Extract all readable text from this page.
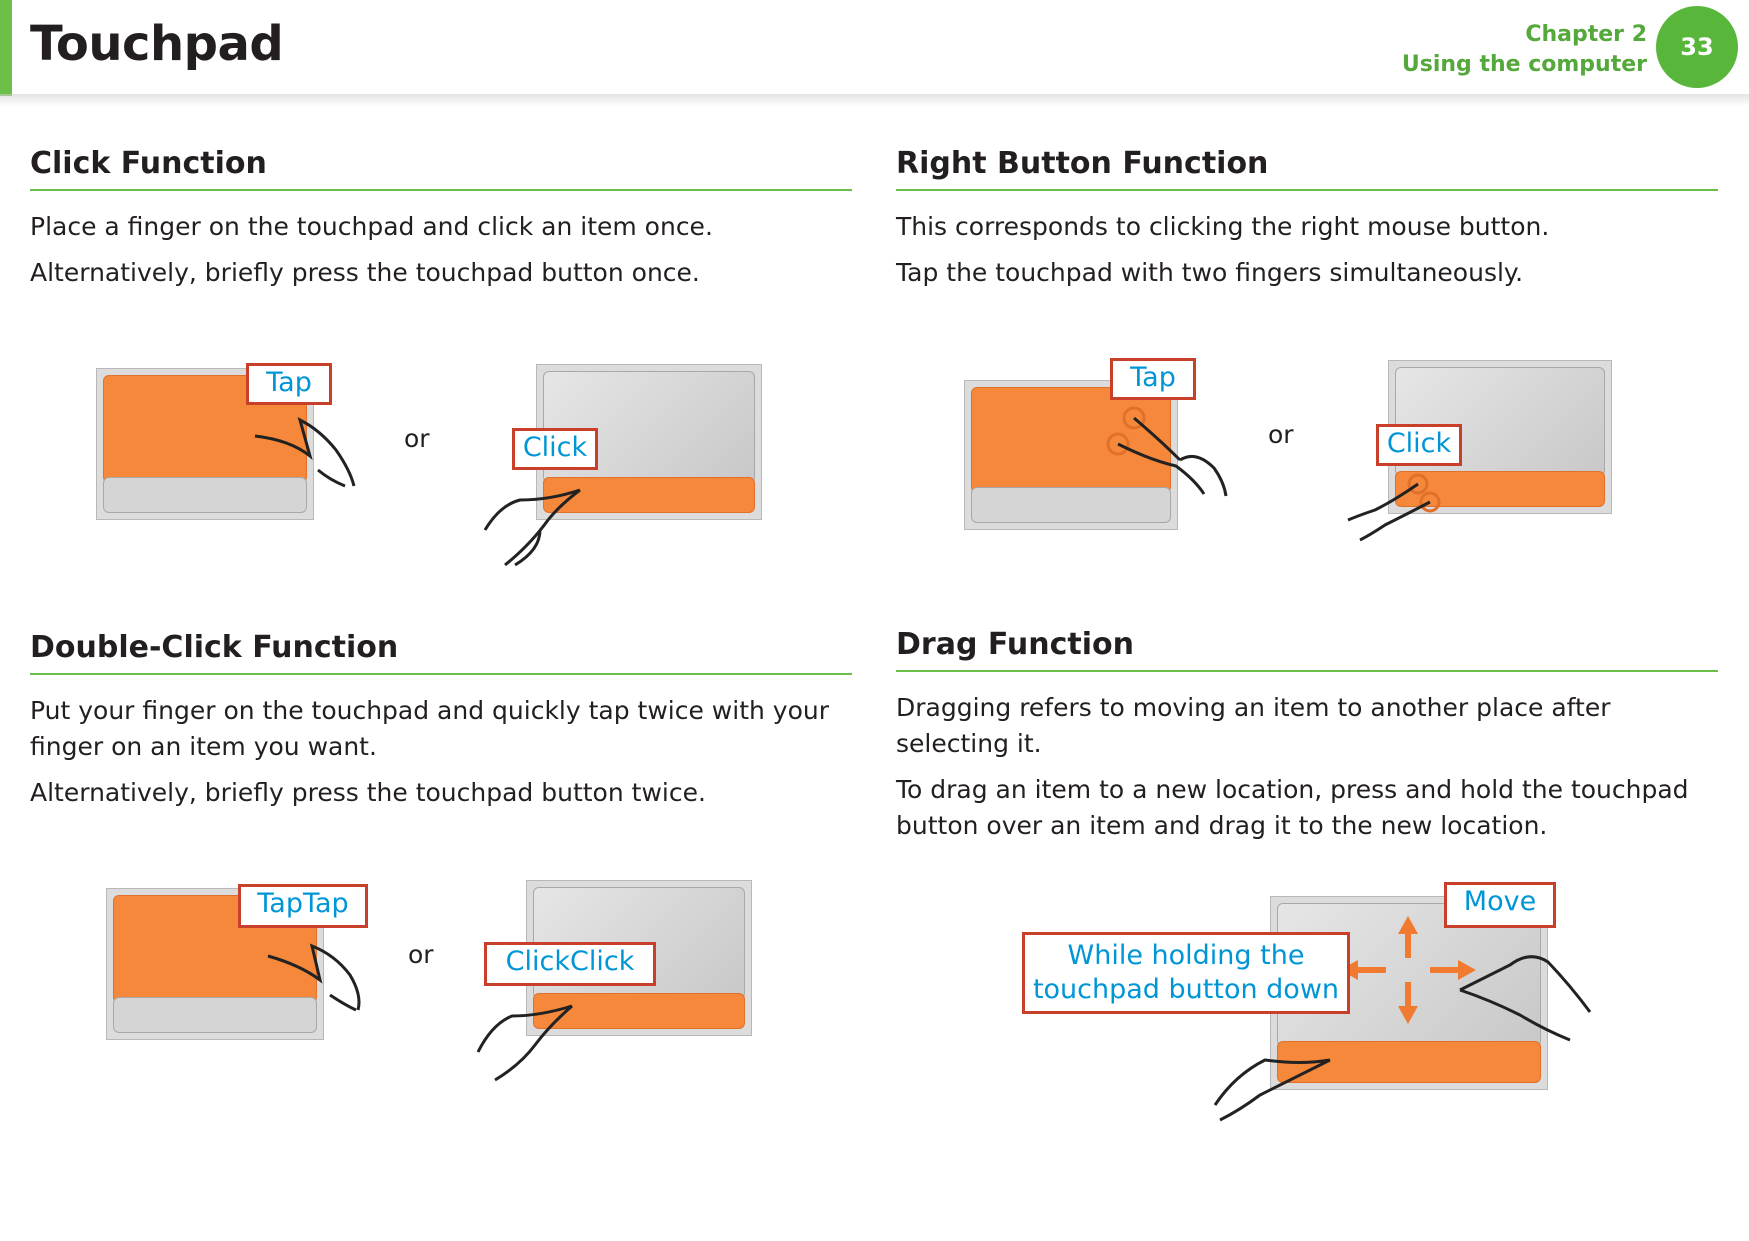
Touchpad	Chapter 2
Using the computer
33
Click Function

Place a finger on the touchpad and click an item once.

Alternatively, briefly press the touchpad button once.

Tap
or	Click
Right Button Function

This corresponds to clicking the right mouse button.

Tap the touchpad with two fingers simultaneously.

Tap
or	Click
Double-Click Function

Put your finger on the touchpad and quickly tap twice with your finger on an item you want.

Alternatively, briefly press the touchpad button twice.

TapTap
or	ClickClick
Drag Function

Dragging refers to moving an item to another place after selecting it.

To drag an item to a new location, press and hold the touchpad button over an item and drag it to the new location.

While holding the touchpad button down
Move
